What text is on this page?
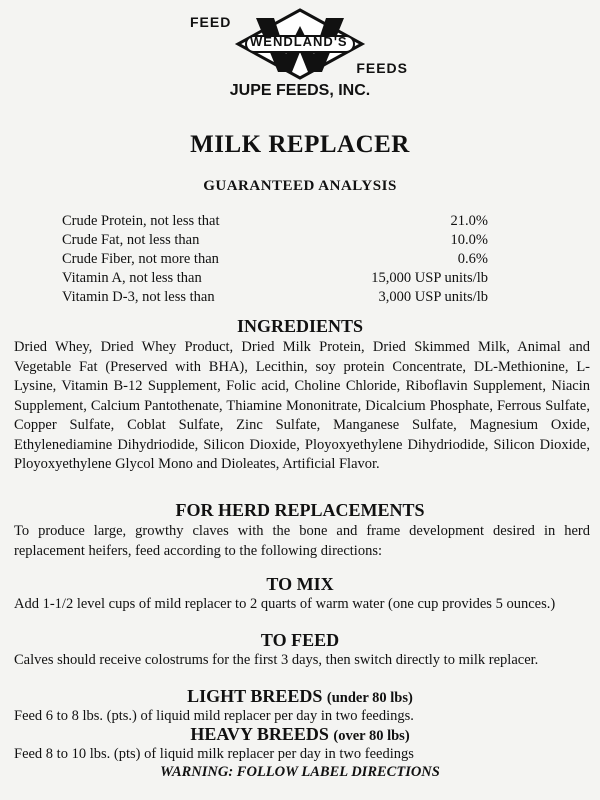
FEED
WENDLAND'S
FEEDS
JUPE FEEDS, INC.
MILK REPLACER
GUARANTEED ANALYSIS
Crude Protein, not less that	21.0%
Crude Fat, not less than	10.0%
Crude Fiber, not more than	0.6%
Vitamin A, not less than	15,000 USP units/lb
Vitamin D-3, not less than	3,000 USP units/lb
INGREDIENTS
Dried Whey, Dried Whey Product, Dried Milk Protein, Dried Skimmed Milk, Animal and Vegetable Fat (Preserved with BHA), Lecithin, soy protein Concentrate, DL-Methionine, L-Lysine, Vitamin B-12 Supplement, Folic acid, Choline Chloride, Riboflavin Supplement, Niacin Supplement, Calcium Pantothenate, Thiamine Mononitrate, Dicalcium Phosphate, Ferrous Sulfate, Copper Sulfate, Coblat Sulfate, Zinc Sulfate, Manganese Sulfate, Magnesium Oxide, Ethylenediamine Dihydriodide, Silicon Dioxide, Ployoxyethylene Dihydriodide, Silicon Dioxide, Ployoxyethylene Glycol Mono and Dioleates, Artificial Flavor.
FOR HERD REPLACEMENTS
To produce large, growthy claves with the bone and frame development desired in herd replacement heifers, feed according to the following directions:
TO MIX
Add 1-1/2 level cups of mild replacer to 2 quarts of warm water (one cup provides 5 ounces.)
TO FEED
Calves should receive colostrums for the first 3 days, then switch directly to milk replacer.
LIGHT BREEDS (under 80 lbs)
Feed 6 to 8 lbs. (pts.) of liquid mild replacer per day in two feedings.
HEAVY BREEDS (over 80 lbs)
Feed 8 to 10 lbs. (pts) of liquid milk replacer per day in two feedings
WARNING: FOLLOW LABEL DIRECTIONS
